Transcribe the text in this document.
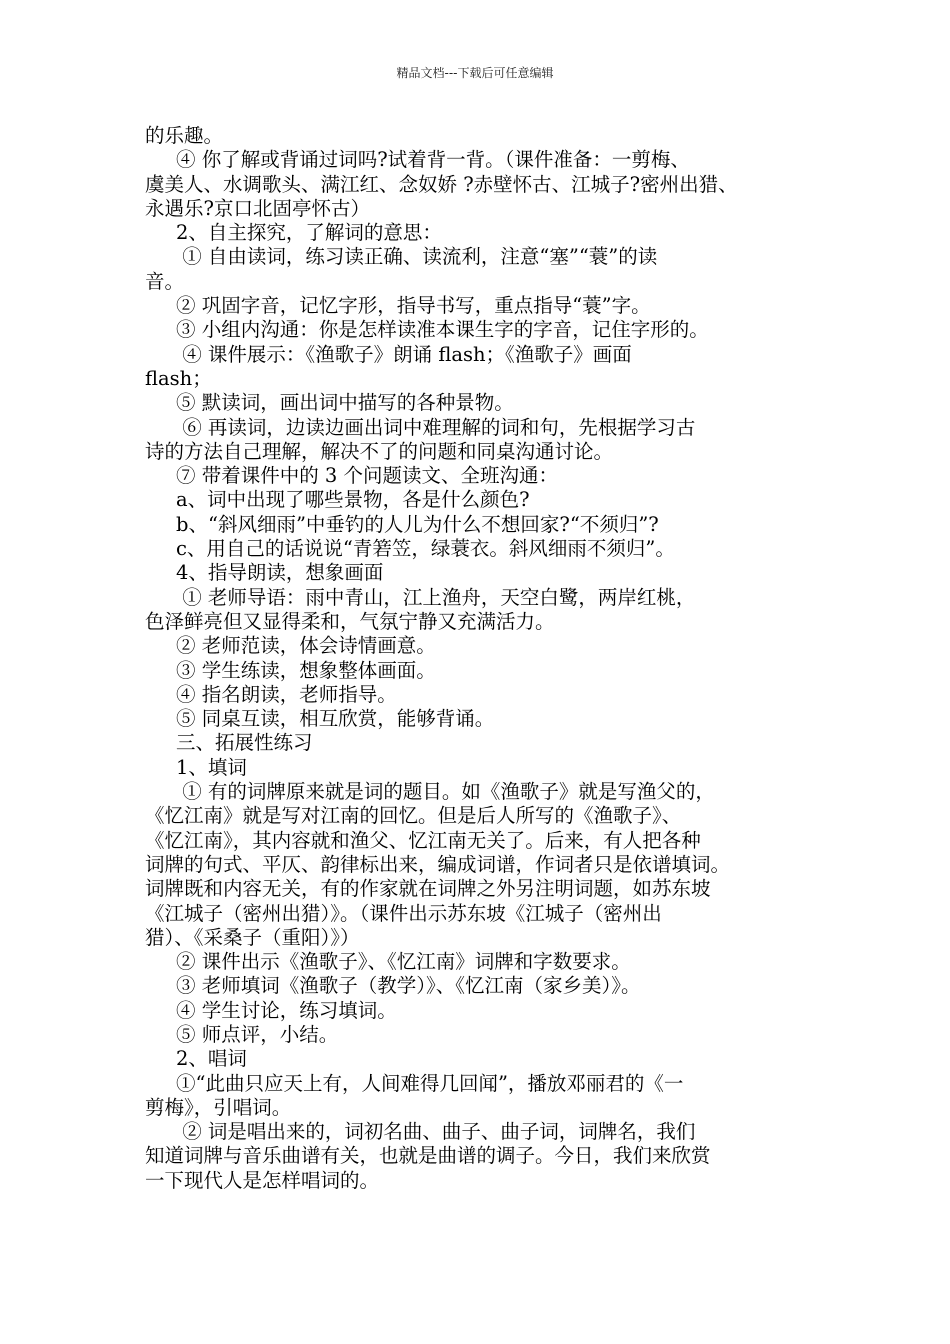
精品文档---下载后可任意编辑
的乐趣。
④ 你了解或背诵过词吗?试着背一背。（课件准备：一剪梅、
虞美人、水调歌头、满江红、念奴娇 ?赤壁怀古、江城子?密州出猎、
永遇乐?京口北固亭怀古）
2、自主探究，了解词的意思：
① 自由读词，练习读正确、读流利，注意“塞”“蓑”的读
音。
② 巩固字音，记忆字形，指导书写，重点指导“蓑”字。
③ 小组内沟通：你是怎样读准本课生字的字音，记住字形的。
④ 课件展示：《渔歌子》朗诵 flash；《渔歌子》画面
flash；
⑤ 默读词，画出词中描写的各种景物。
⑥ 再读词，边读边画出词中难理解的词和句，先根据学习古
诗的方法自己理解，解决不了的问题和同桌沟通讨论。
⑦ 带着课件中的 3 个问题读文、全班沟通：
a、词中出现了哪些景物，各是什么颜色?
b、“斜风细雨”中垂钓的人儿为什么不想回家?“不须归”?
c、用自己的话说说“青箬笠，绿蓑衣。斜风细雨不须归”。
4、指导朗读，想象画面
① 老师导语：雨中青山，江上渔舟，天空白鹭，两岸红桃，
色泽鲜亮但又显得柔和，气氛宁静又充满活力。
② 老师范读，体会诗情画意。
③ 学生练读，想象整体画面。
④ 指名朗读，老师指导。
⑤ 同桌互读，相互欣赏，能够背诵。
三、拓展性练习
1、填词
① 有的词牌原来就是词的题目。如《渔歌子》就是写渔父的，
《忆江南》就是写对江南的回忆。但是后人所写的《渔歌子》、
《忆江南》，其内容就和渔父、忆江南无关了。后来，有人把各种
词牌的句式、平仄、韵律标出来，编成词谱，作词者只是依谱填词。
词牌既和内容无关，有的作家就在词牌之外另注明词题，如苏东坡
《江城子（密州出猎）》。（课件出示苏东坡《江城子（密州出
猎）、《采桑子（重阳）》）
② 课件出示《渔歌子》、《忆江南》词牌和字数要求。
③ 老师填词《渔歌子（教学）》、《忆江南（家乡美）》。
④ 学生讨论，练习填词。
⑤ 师点评，小结。
2、唱词
①“此曲只应天上有，人间难得几回闻”，播放邓丽君的《一
剪梅》，引唱词。
② 词是唱出来的，词初名曲、曲子、曲子词，词牌名，我们
知道词牌与音乐曲谱有关，也就是曲谱的调子。今日，我们来欣赏
一下现代人是怎样唱词的。
